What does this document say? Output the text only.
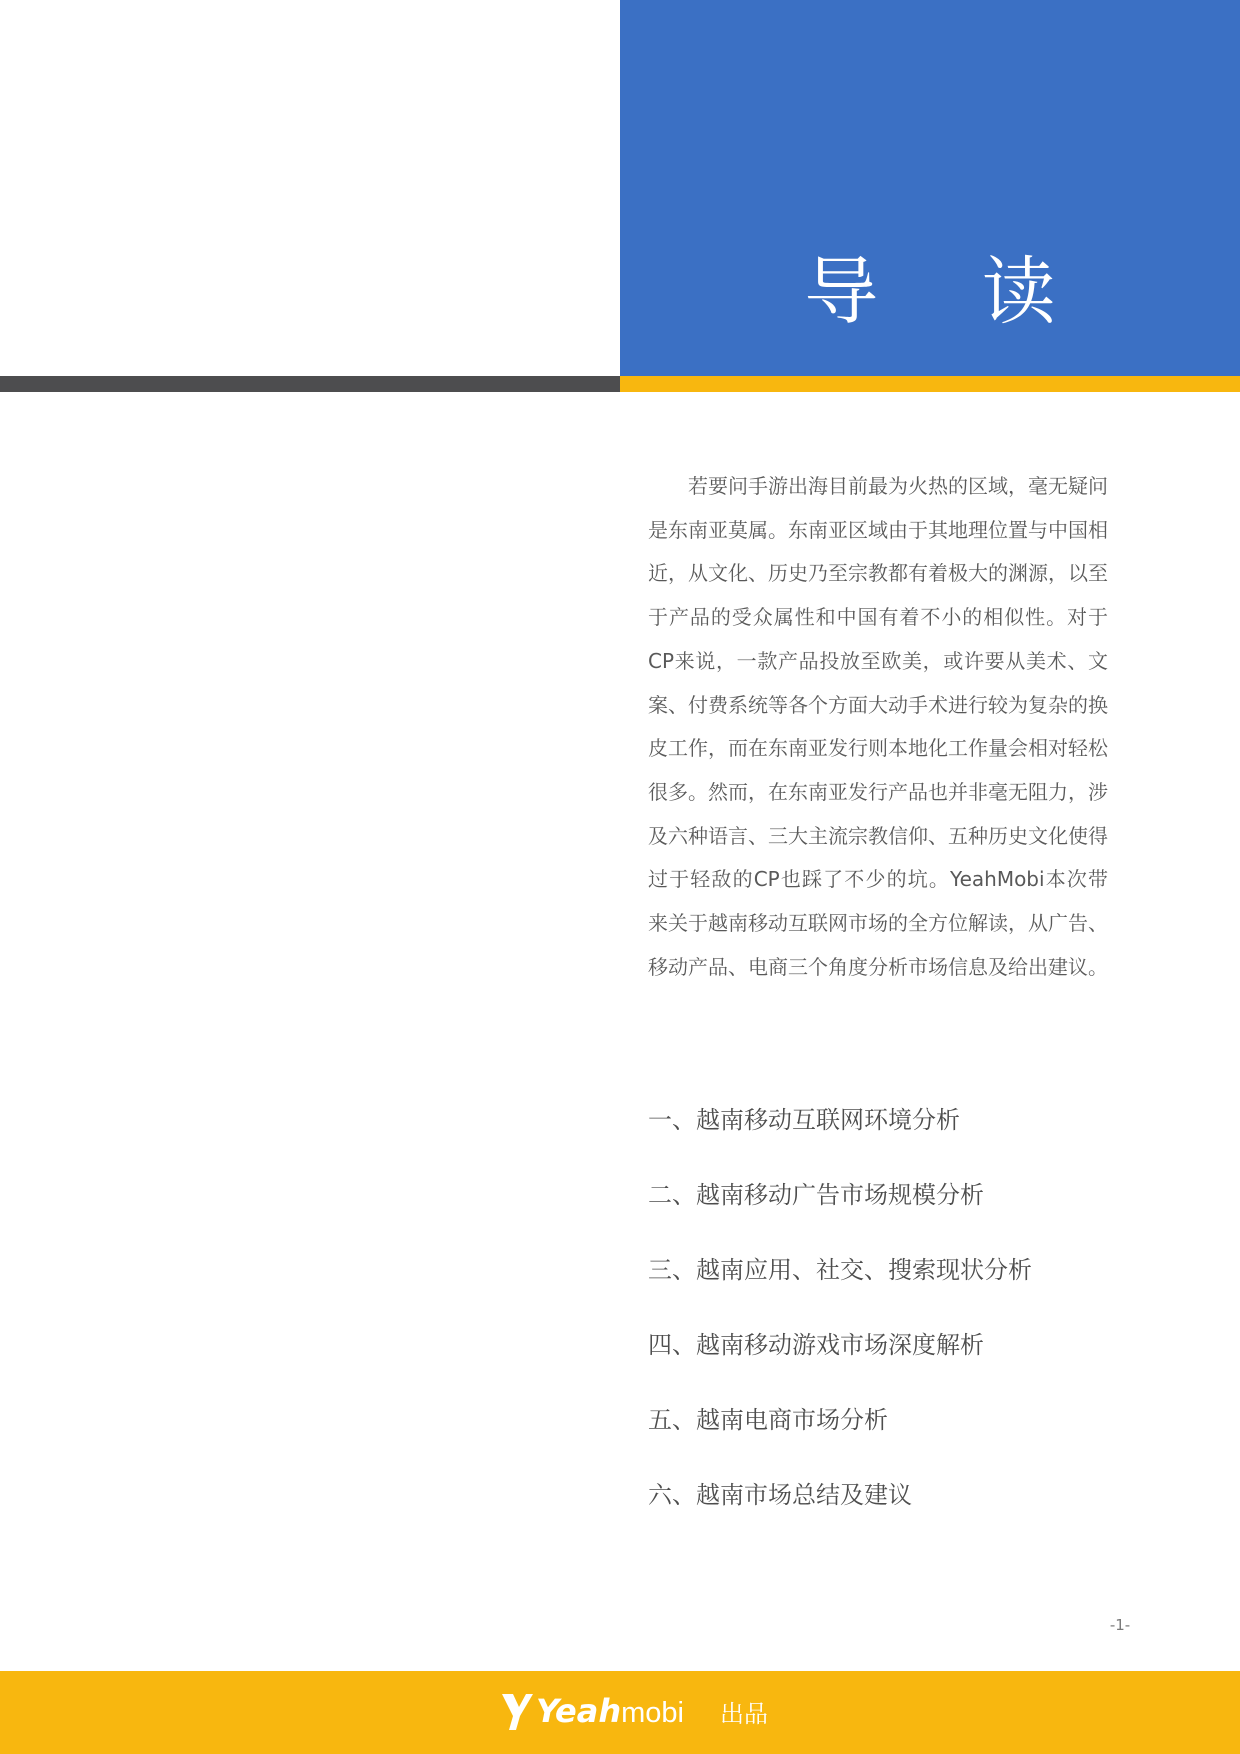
导 读

若要问手游出海目前最为火热的区域，毫无疑问是东南亚莫属。东南亚区域由于其地理位置与中国相近，从文化、历史乃至宗教都有着极大的渊源，以至于产品的受众属性和中国有着不小的相似性。对于CP来说，一款产品投放至欧美，或许要从美术、文案、付费系统等各个方面大动手术进行较为复杂的换皮工作，而在东南亚发行则本地化工作量会相对轻松很多。然而，在东南亚发行产品也并非毫无阻力，涉及六种语言、三大主流宗教信仰、五种历史文化使得过于轻敌的CP也踩了不少的坑。YeahMobi本次带来关于越南移动互联网市场的全方位解读，从广告、移动产品、电商三个角度分析市场信息及给出建议。

一、越南移动互联网环境分析
二、越南移动广告市场规模分析
三、越南应用、社交、搜索现状分析
四、越南移动游戏市场深度解析
五、越南电商市场分析
六、越南市场总结及建议
-1-
Yeah mobi 出品
